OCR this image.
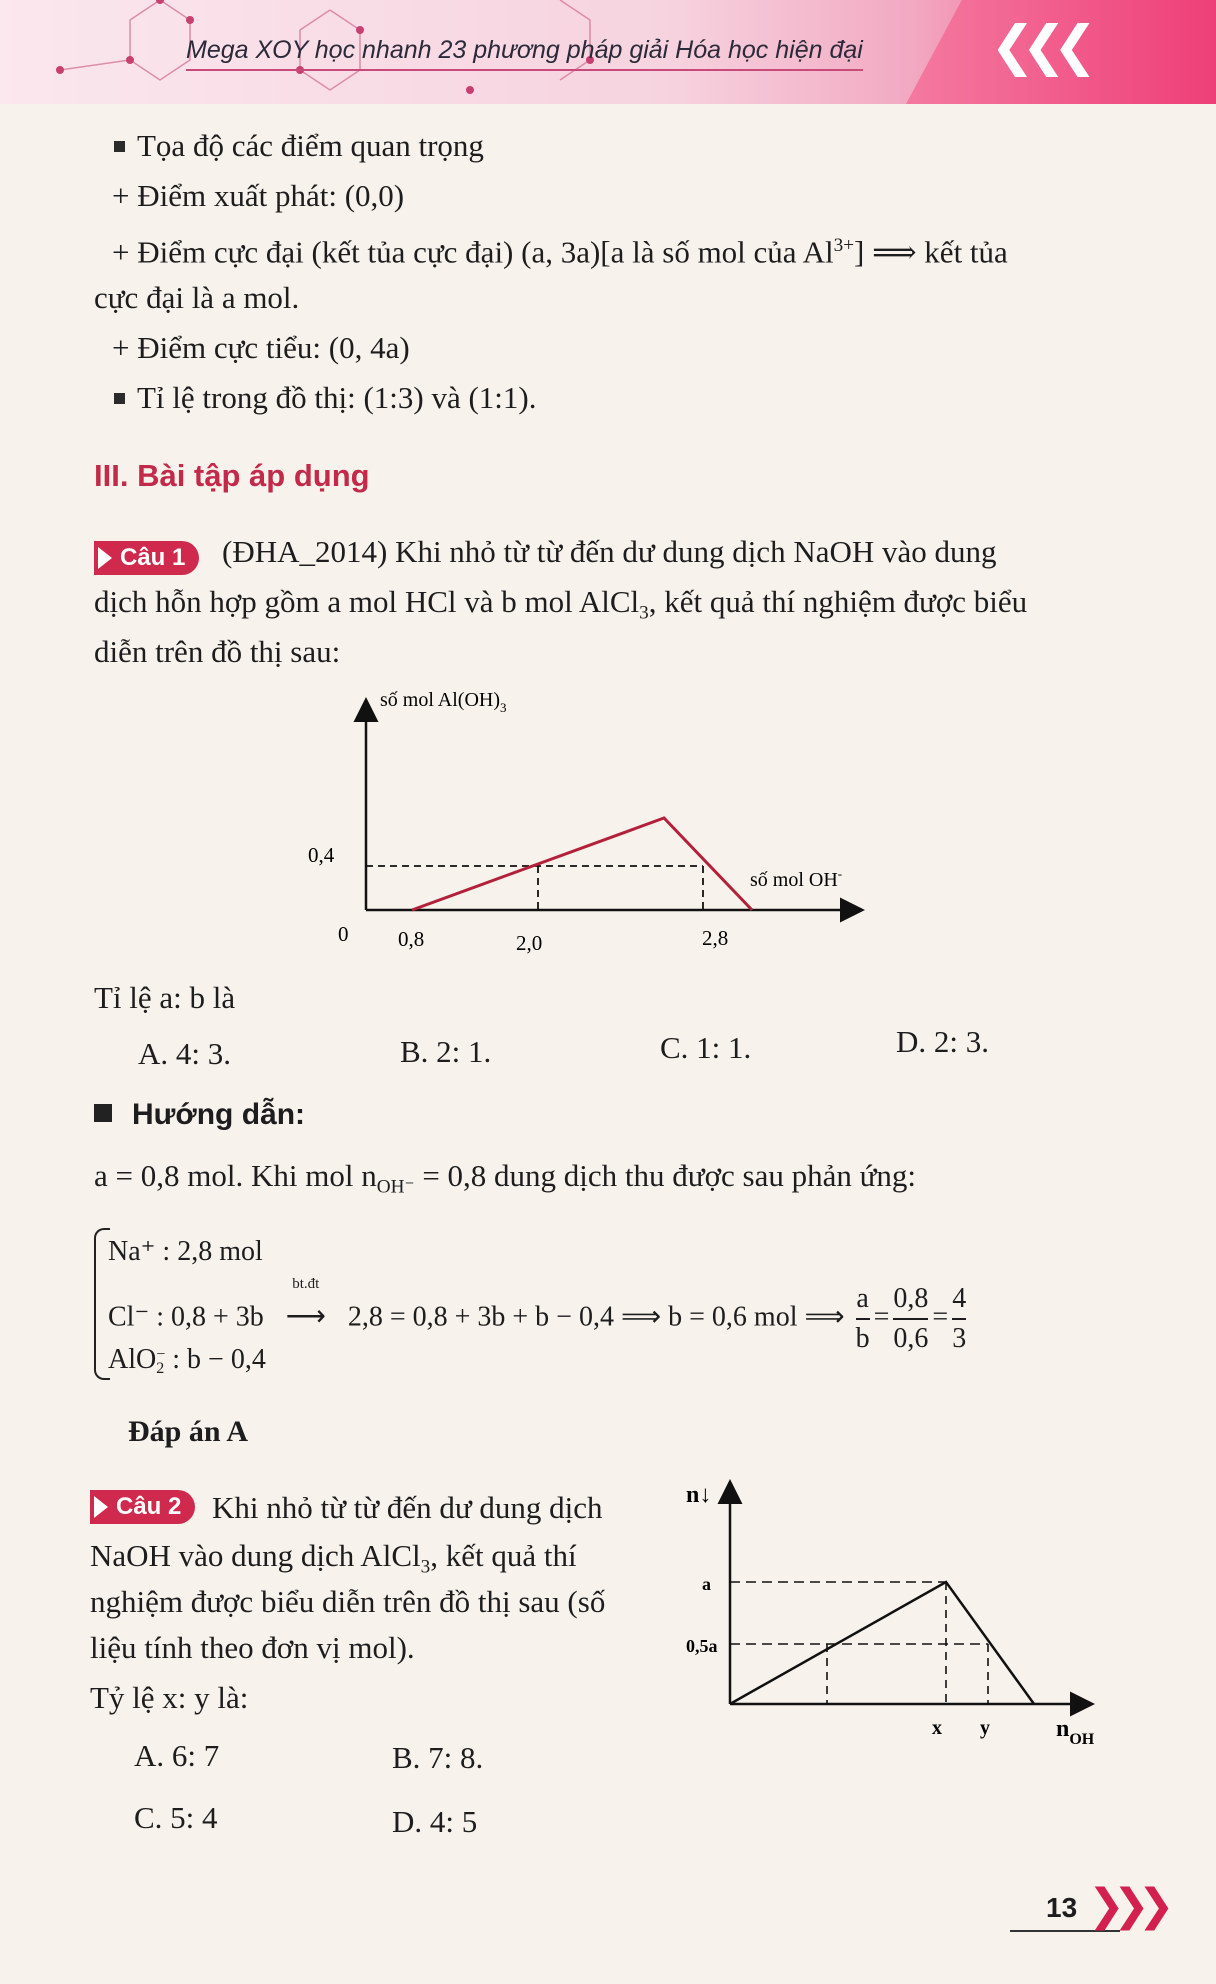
Mega XOY học nhanh 23 phương pháp giải Hóa học hiện đại ❮❮❮
Tọa độ các điểm quan trọng
+ Điểm xuất phát: (0,0)
+ Điểm cực đại (kết tủa cực đại) (a, 3a)[a là số mol của $Al^{3+}$] ⟹ kết tủa
cực đại là a mol.
+ Điểm cực tiểu: (0, 4a)
Tỉ lệ trong đồ thị: (1:3) và (1:1).
III. Bài tập áp dụng
Câu 1	(ĐHA_2014) Khi nhỏ từ từ đến dư dung dịch NaOH vào dung
dịch hỗn hợp gồm a mol HCl và b mol AlCl$_3$, kết quả thí nghiệm được biểu
diễn trên đồ thị sau:
số mol $Al(OH)_3$
số mol OH-
0,4
0 0,8	2,0	2,8
Tỉ lệ a: b là
A. 4: 3.	B. 2: 1.	C. 1: 1.	D. 2: 3.
Hướng dẫn:
a = 0,8 mol. Khi mol $n_{OH^-} = 0,8$ dung dịch thu được sau phản ứng:
Na⁺ : 2,8 mol
Cl⁻ : 0,8 + 3b
bt.đt
⟶ 2,8 = 0,8 + 3b + b − 0,4 ⟹ b = 0,6 mol ⟹ $\frac{a}{b} = \frac{0,8}{0,6} = \frac{4}{3}$
AlO −
2 : b − 0,4
Đáp án A
Câu 2 Khi nhỏ từ từ đến dư dung dịch
NaOH vào dung dịch AlCl$_3$, kết quả thí
nghiệm được biểu diễn trên đồ thị sau (số
liệu tính theo đơn vị mol).
Tỷ lệ x: y là:
A. 6: 7	B. 7: 8.
C. 5: 4	D. 4: 5
n↓
a
0,5a
x y	$n_{OH}$
13 ❯❯❯
